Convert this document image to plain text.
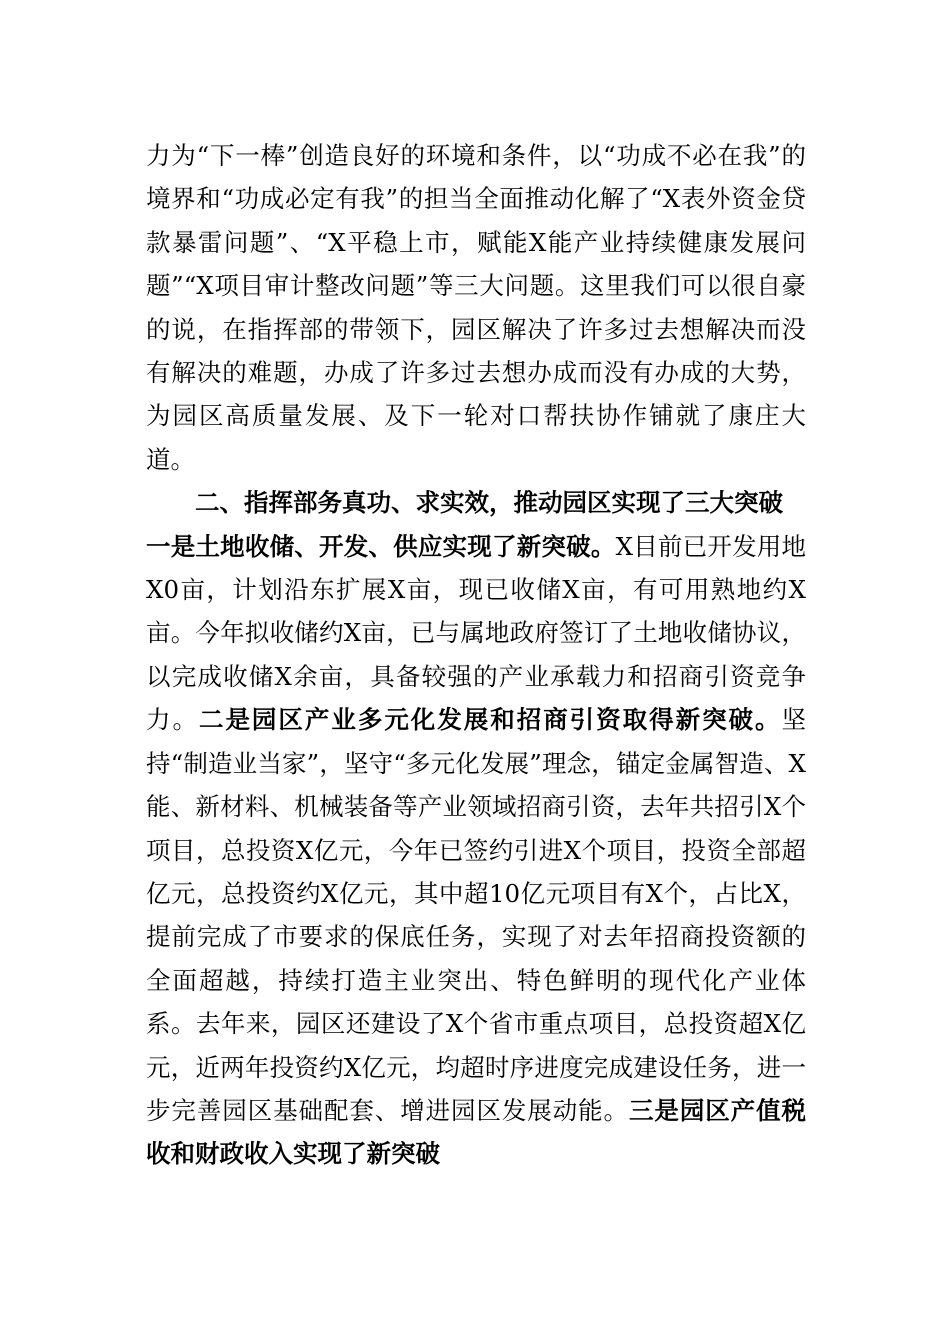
力为“下一棒”创造良好的环境和条件，以“功成不必在我”的境界和“功成必定有我”的担当全面推动化解了“X表外资金贷款暴雷问题”、“X平稳上市，赋能X能产业持续健康发展问题”“X项目审计整改问题”等三大问题。这里我们可以很自豪的说，在指挥部的带领下，园区解决了许多过去想解决而没有解决的难题，办成了许多过去想办成而没有办成的大势，为园区高质量发展、及下一轮对口帮扶协作铺就了康庄大道。

二、指挥部务真功、求实效，推动园区实现了三大突破

一是土地收储、开发、供应实现了新突破。X目前已开发用地X0亩，计划沿东扩展X亩，现已收储X亩，有可用熟地约X亩。今年拟收储约X亩，已与属地政府签订了土地收储协议，以完成收储X余亩，具备较强的产业承载力和招商引资竞争力。二是园区产业多元化发展和招商引资取得新突破。坚持“制造业当家”，坚守“多元化发展”理念，锚定金属智造、X能、新材料、机械装备等产业领域招商引资，去年共招引X个项目，总投资X亿元，今年已签约引进X个项目，投资全部超亿元，总投资约X亿元，其中超10亿元项目有X个，占比X，提前完成了市要求的保底任务，实现了对去年招商投资额的全面超越，持续打造主业突出、特色鲜明的现代化产业体系。去年来，园区还建设了X个省市重点项目，总投资超X亿元，近两年投资约X亿元，均超时序进度完成建设任务，进一步完善园区基础配套、增进园区发展动能。三是园区产值税收和财政收入实现了新突破
